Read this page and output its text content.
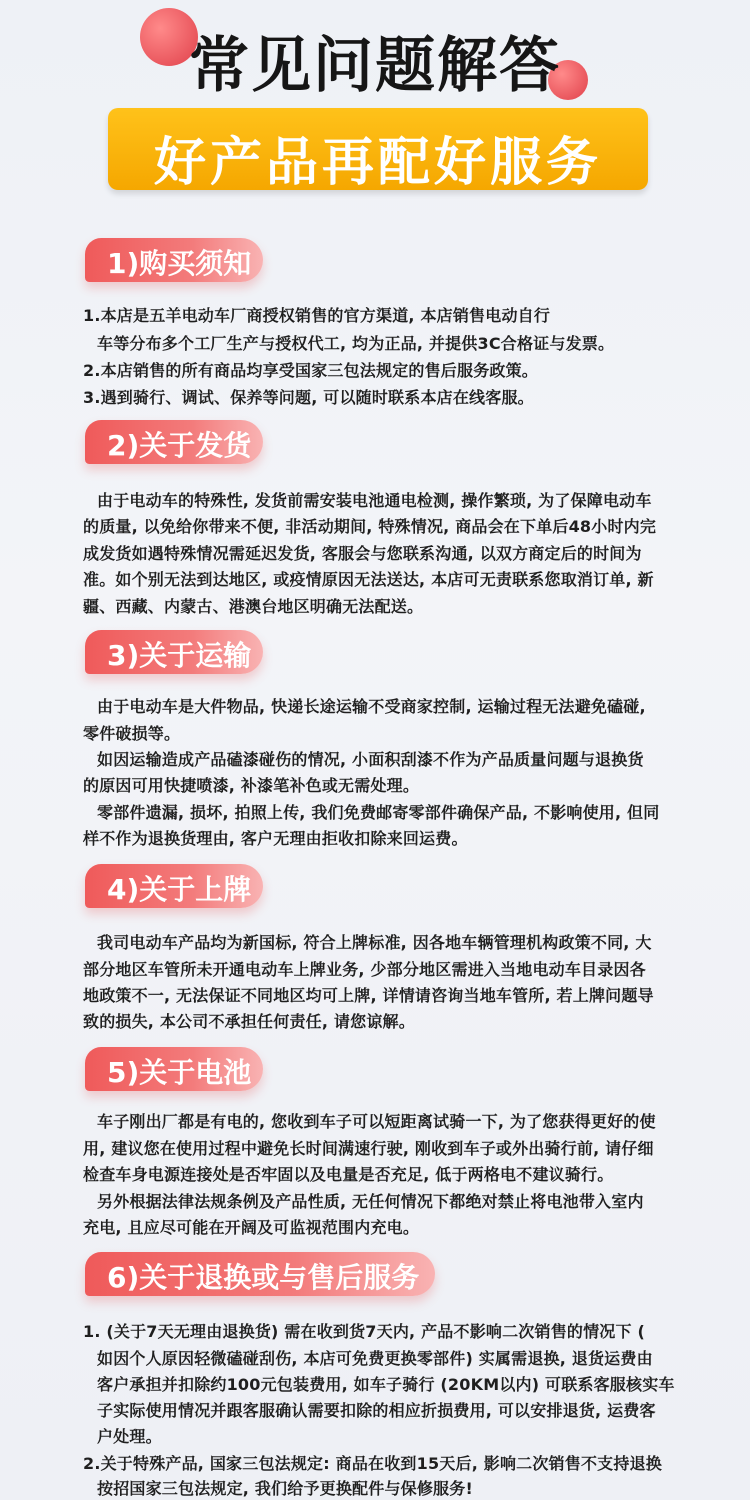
常见问题解答
好产品再配好服务
1)购买须知
1.本店是五羊电动车厂商授权销售的官方渠道, 本店销售电动自行
车等分布多个工厂生产与授权代工, 均为正品, 并提供3C合格证与发票。
2.本店销售的所有商品均享受国家三包法规定的售后服务政策。
3.遇到骑行、调试、保养等问题, 可以随时联系本店在线客服。
2)关于发货
由于电动车的特殊性, 发货前需安装电池通电检测, 操作繁琐, 为了保障电动车
的质量, 以免给你带来不便, 非活动期间, 特殊情况, 商品会在下单后48小时内完
成发货如遇特殊情况需延迟发货, 客服会与您联系沟通, 以双方商定后的时间为
准。如个别无法到达地区, 或疫情原因无法送达, 本店可无责联系您取消订单, 新
疆、西藏、内蒙古、港澳台地区明确无法配送。
3)关于运输
由于电动车是大件物品, 快递长途运输不受商家控制, 运输过程无法避免磕碰,
零件破损等。
如因运输造成产品磕漆碰伤的情况, 小面积刮漆不作为产品质量问题与退换货
的原因可用快捷喷漆, 补漆笔补色或无需处理。
零部件遗漏, 损坏, 拍照上传, 我们免费邮寄零部件确保产品, 不影响使用, 但同
样不作为退换货理由, 客户无理由拒收扣除来回运费。
4)关于上牌
我司电动车产品均为新国标, 符合上牌标准, 因各地车辆管理机构政策不同, 大
部分地区车管所未开通电动车上牌业务, 少部分地区需进入当地电动车目录因各
地政策不一, 无法保证不同地区均可上牌, 详情请咨询当地车管所, 若上牌问题导
致的损失, 本公司不承担任何责任, 请您谅解。
5)关于电池
车子刚出厂都是有电的, 您收到车子可以短距离试骑一下, 为了您获得更好的使
用, 建议您在使用过程中避免长时间满速行驶, 刚收到车子或外出骑行前, 请仔细
检查车身电源连接处是否牢固以及电量是否充足, 低于两格电不建议骑行。
另外根据法律法规条例及产品性质, 无任何情况下都绝对禁止将电池带入室内
充电, 且应尽可能在开阔及可监视范围内充电。
6)关于退换或与售后服务
1. (关于7天无理由退换货) 需在收到货7天内, 产品不影响二次销售的情况下 (
如因个人原因轻微磕碰刮伤, 本店可免费更换零部件) 实属需退换, 退货运费由
客户承担并扣除约100元包装费用, 如车子骑行 (20KM以内) 可联系客服核实车
子实际使用情况并跟客服确认需要扣除的相应折损费用, 可以安排退货, 运费客
户处理。
2.关于特殊产品, 国家三包法规定: 商品在收到15天后, 影响二次销售不支持退换
按招国家三包法规定, 我们给予更换配件与保修服务!
